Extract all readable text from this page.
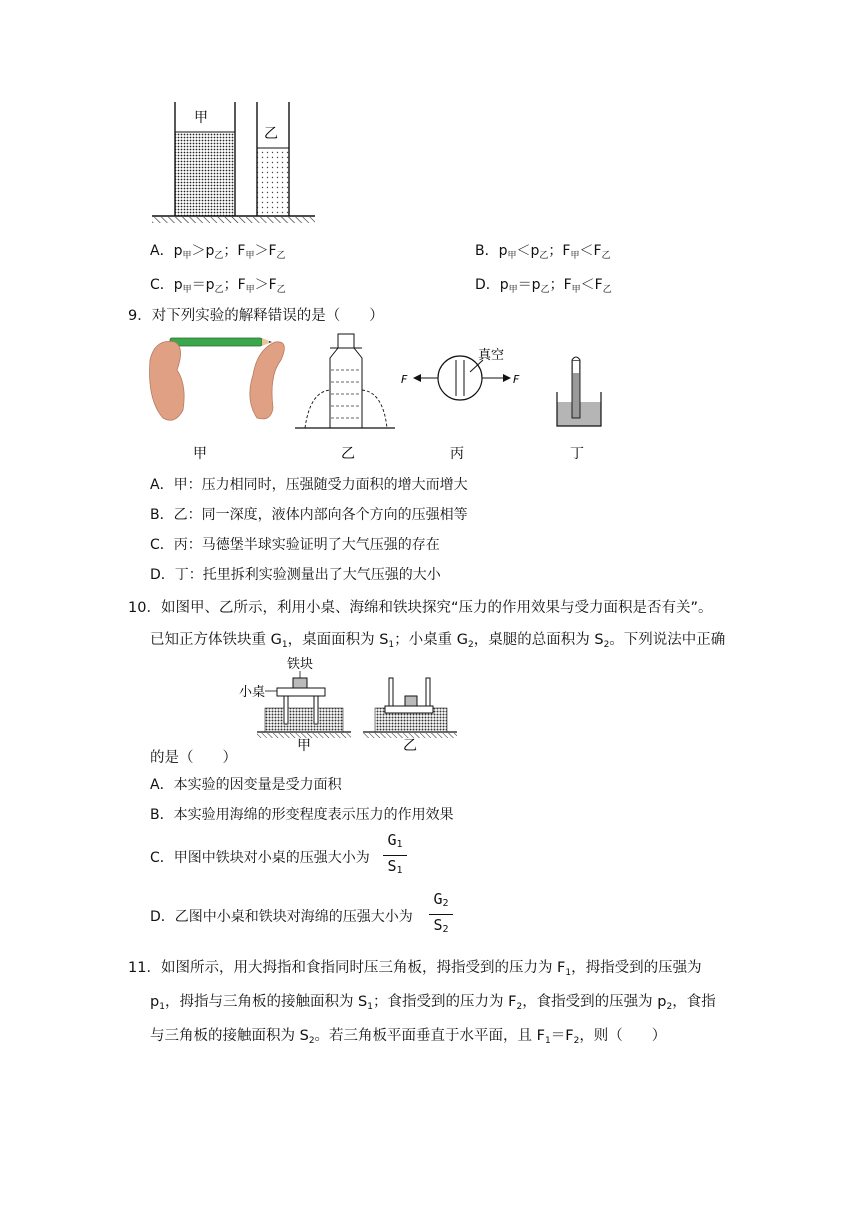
甲
乙
A．$p_甲>p_乙$；$F_甲>F_乙$	B．$p_甲<p_乙$；$F_甲<F_乙$
C．$p_甲=p_乙$；$F_甲>F_乙$	D．$p_甲=p_乙$；$F_甲<F_乙$
9．对下列实验的解释错误的是（　　）
甲	乙
F	F
真空
丙	丁
A．甲：压力相同时，压强随受力面积的增大而增大
B．乙：同一深度，液体内部向各个方向的压强相等
C．丙：马德堡半球实验证明了大气压强的存在
D．丁：托里拆利实验测量出了大气压强的大小
10．如图甲、乙所示，利用小桌、海绵和铁块探究“压力的作用效果与受力面积是否有关”。
已知正方体铁块重 $G_1$，桌面面积为 $S_1$；小桌重 $G_2$，桌腿的总面积为 $S_2$。下列说法中正确
铁块
小桌
甲	乙
的是（　　）
A．本实验的因变量是受力面积
B．本实验用海绵的形变程度表示压力的作用效果
C．甲图中铁块对小桌的压强大小为
$G_1$
$S_1$
D．乙图中小桌和铁块对海绵的压强大小为
$G_2$
$S_2$
11．如图所示，用大拇指和食指同时压三角板，拇指受到的压力为 $F_1$，拇指受到的压强为
$p_1$，拇指与三角板的接触面积为 $S_1$；食指受到的压力为 $F_2$，食指受到的压强为 $p_2$，食指
与三角板的接触面积为 $S_2$。若三角板平面垂直于水平面，且 $F_1=F_2$，则（　　）
